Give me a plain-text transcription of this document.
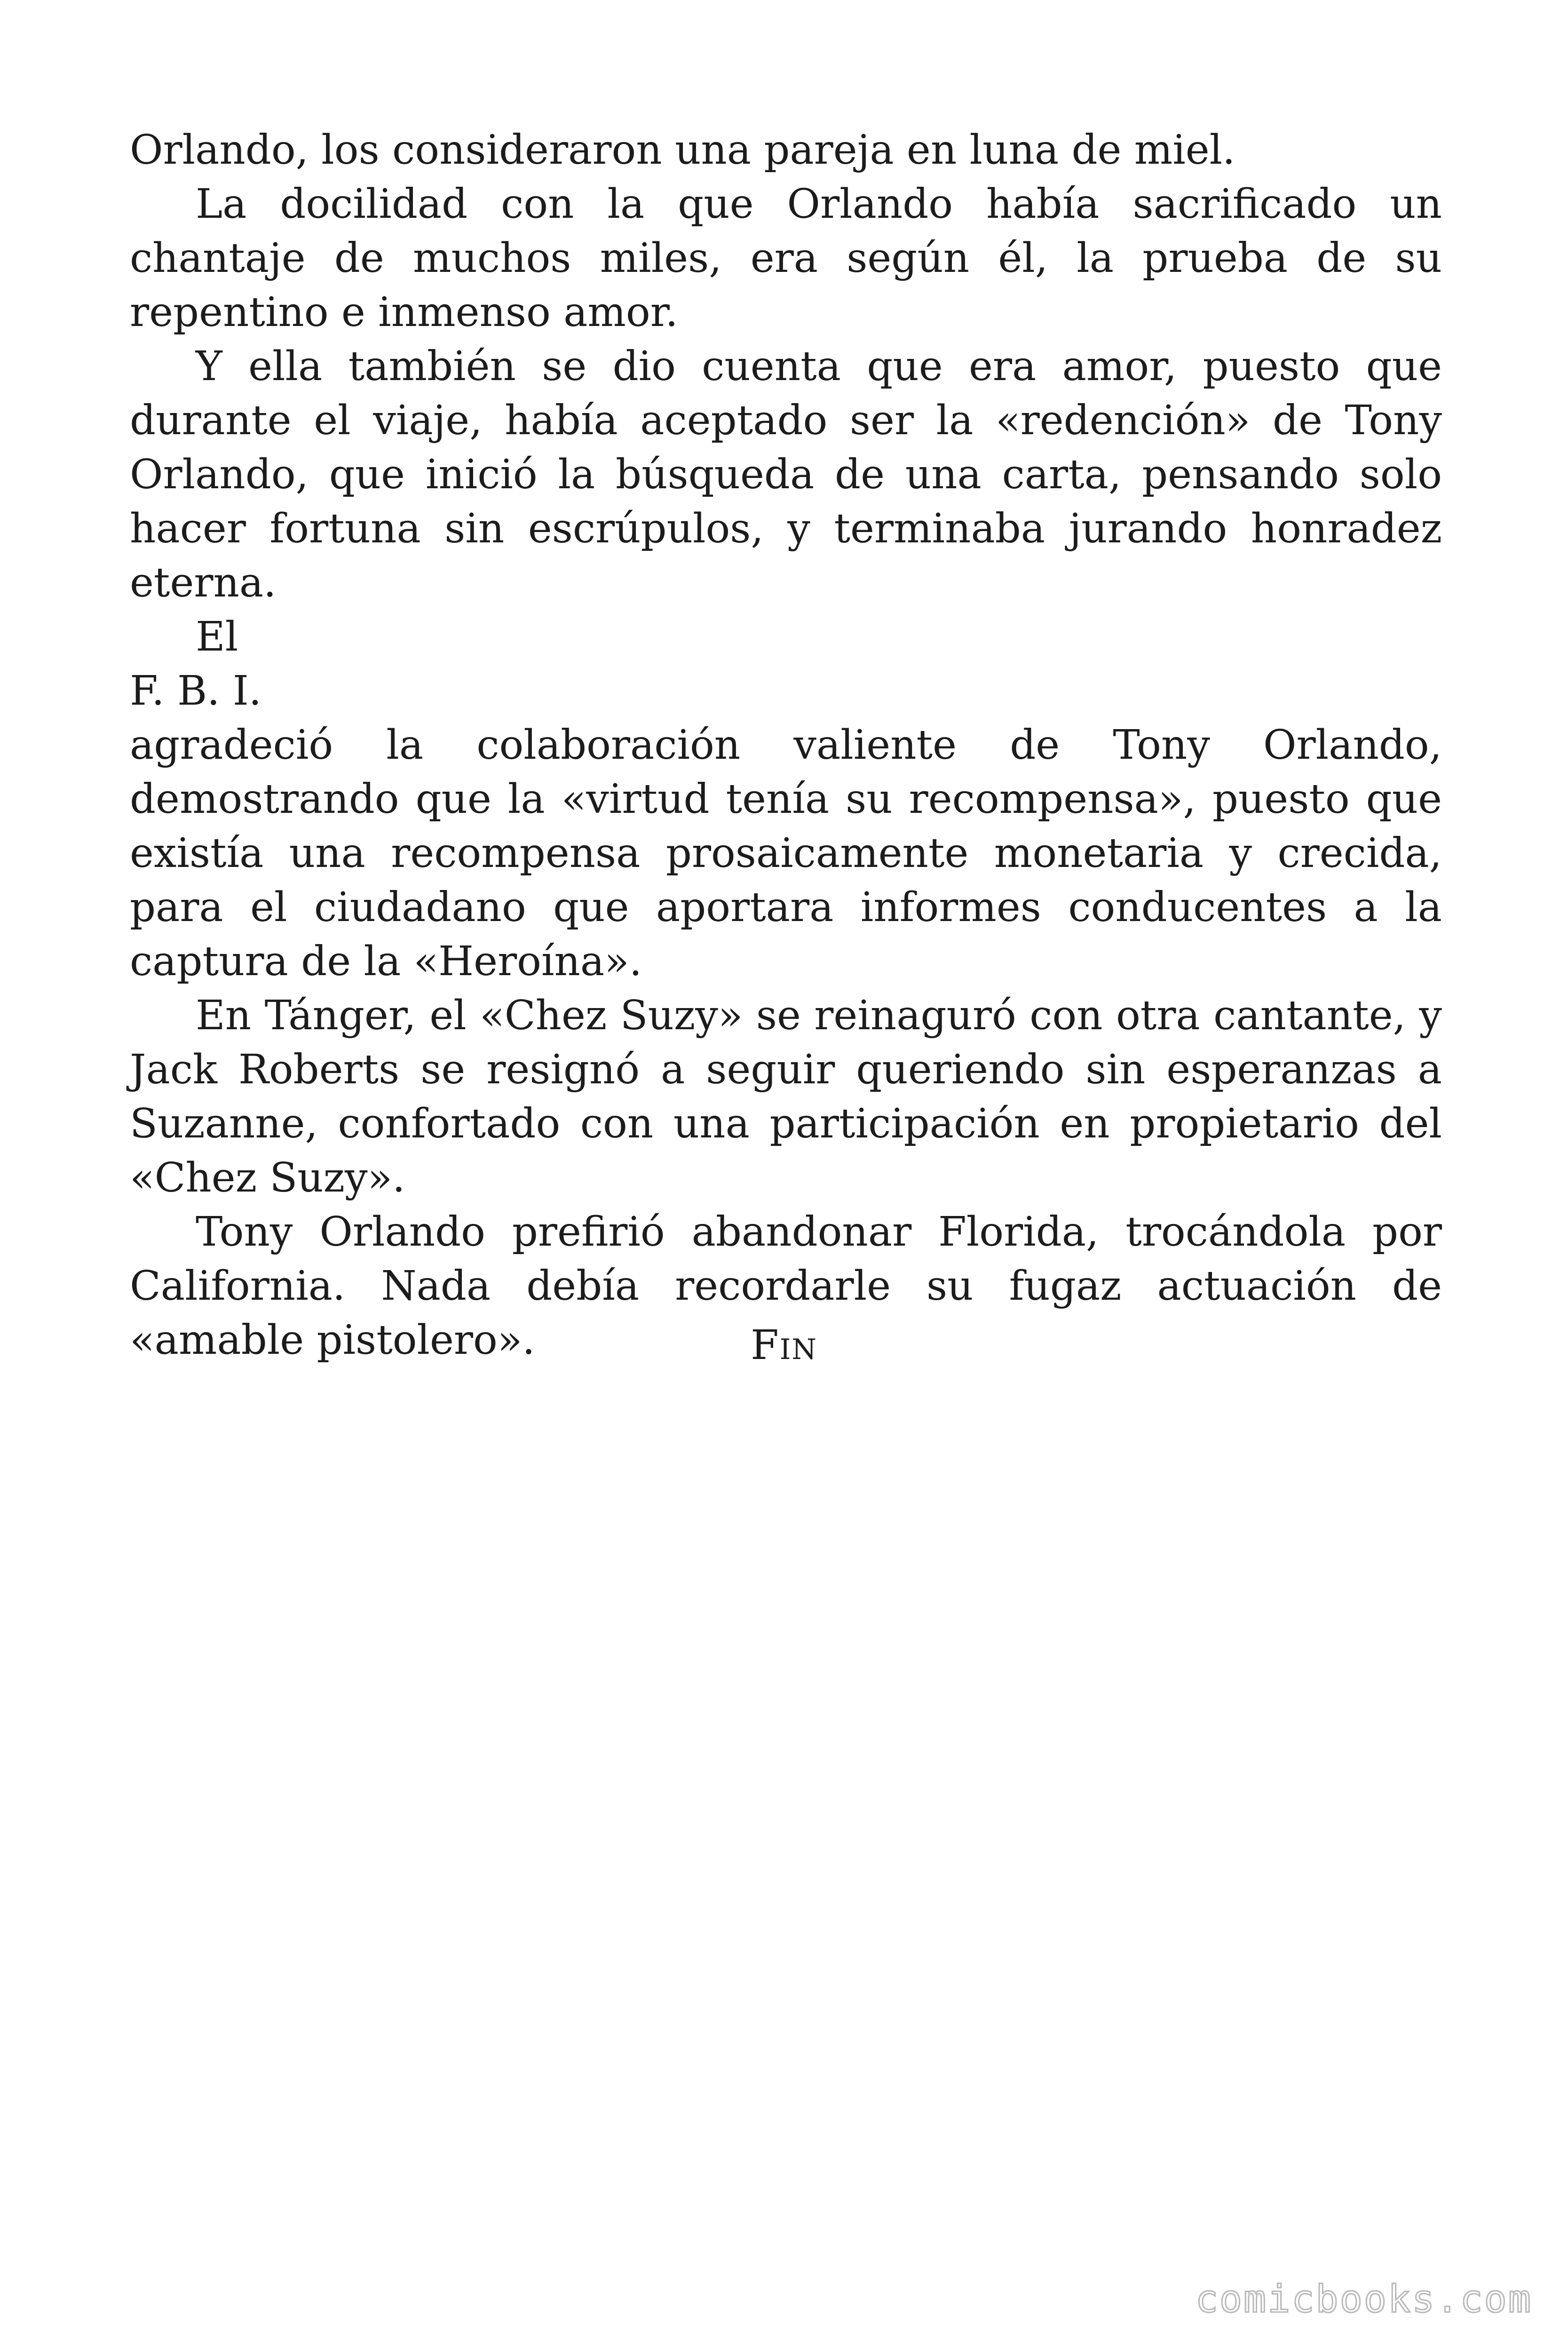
Orlando, los consideraron una pareja en luna de miel.

La docilidad con la que Orlando había sacrificado un chantaje de muchos miles, era según él, la prueba de su repentino e inmenso amor.

Y ella también se dio cuenta que era amor, puesto que durante el viaje, había aceptado ser la «redención» de Tony Orlando, que inició la búsqueda de una carta, pensando solo hacer fortuna sin escrúpulos, y terminaba jurando honradez eterna.

El

F. B. I.

agradeció la colaboración valiente de Tony Orlando, demostrando que la «virtud tenía su recompensa», puesto que existía una recompensa prosaicamente monetaria y crecida, para el ciudadano que aportara informes conducentes a la captura de la «Heroína».

En Tánger, el «Chez Suzy» se reinaguró con otra cantante, y Jack Roberts se resignó a seguir queriendo sin esperanzas a Suzanne, confortado con una participación en propietario del «Chez Suzy».

Tony Orlando prefirió abandonar Florida, trocándola por California. Nada debía recordarle su fugaz actuación de «amable pistolero».	Fin
comicbooks.com
